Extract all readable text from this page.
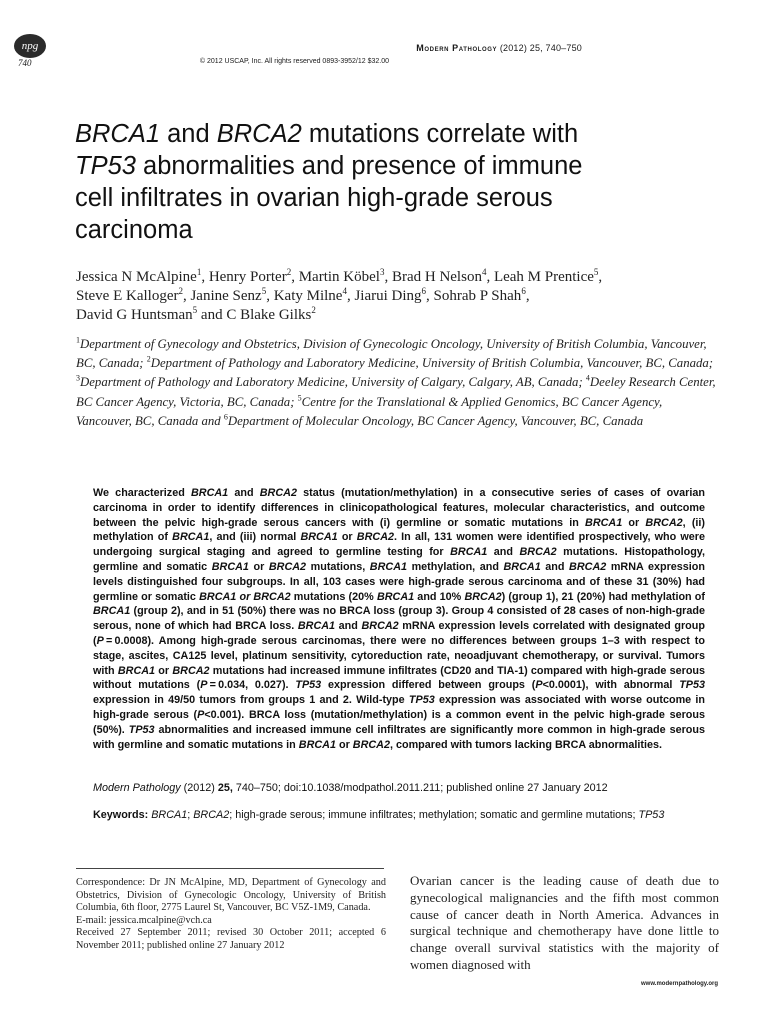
npg
740
Modern Pathology (2012) 25, 740–750
© 2012 USCAP, Inc. All rights reserved 0893-3952/12 $32.00
BRCA1 and BRCA2 mutations correlate with
TP53 abnormalities and presence of immune
cell infiltrates in ovarian high-grade serous
carcinoma
Jessica N McAlpine$^1$, Henry Porter$^2$, Martin Köbel$^3$, Brad H Nelson$^4$, Leah M Prentice$^5$,
Steve E Kalloger$^2$, Janine Senz$^5$, Katy Milne$^4$, Jiarui Ding$^6$, Sohrab P Shah$^6$,
David G Huntsman$^5$ and C Blake Gilks$^2$
$^1$Department of Gynecology and Obstetrics, Division of Gynecologic Oncology, University of British Columbia, Vancouver, BC, Canada; $^2$Department of Pathology and Laboratory Medicine, University of British Columbia, Vancouver, BC, Canada; $^3$Department of Pathology and Laboratory Medicine, University of Calgary, Calgary, AB, Canada; $^4$Deeley Research Center, BC Cancer Agency, Victoria, BC, Canada; $^5$Centre for the Translational & Applied Genomics, BC Cancer Agency, Vancouver, BC, Canada and $^6$Department of Molecular Oncology, BC Cancer Agency, Vancouver, BC, Canada
We characterized BRCA1 and BRCA2 status (mutation/methylation) in a consecutive series of cases of ovarian carcinoma in order to identify differences in clinicopathological features, molecular characteristics, and outcome between the pelvic high-grade serous cancers with (i) germline or somatic mutations in BRCA1 or BRCA2, (ii) methylation of BRCA1, and (iii) normal BRCA1 or BRCA2. In all, 131 women were identified prospectively, who were undergoing surgical staging and agreed to germline testing for BRCA1 and BRCA2 mutations. Histopathology, germline and somatic BRCA1 or BRCA2 mutations, BRCA1 methylation, and BRCA1 and BRCA2 mRNA expression levels distinguished four subgroups. In all, 103 cases were high-grade serous carcinoma and of these 31 (30%) had germline or somatic BRCA1 or BRCA2 mutations (20% BRCA1 and 10% BRCA2) (group 1), 21 (20%) had methylation of BRCA1 (group 2), and in 51 (50%) there was no BRCA loss (group 3). Group 4 consisted of 28 cases of non-high-grade serous, none of which had BRCA loss. BRCA1 and BRCA2 mRNA expression levels correlated with designated group (P = 0.0008). Among high-grade serous carcinomas, there were no differences between groups 1–3 with respect to stage, ascites, CA125 level, platinum sensitivity, cytoreduction rate, neoadjuvant chemotherapy, or survival. Tumors with BRCA1 or BRCA2 mutations had increased immune infiltrates (CD20 and TIA-1) compared with high-grade serous without mutations (P = 0.034, 0.027). TP53 expression differed between groups (P<0.0001), with abnormal TP53 expression in 49/50 tumors from groups 1 and 2. Wild-type TP53 expression was associated with worse outcome in high-grade serous (P<0.001). BRCA loss (mutation/methylation) is a common event in the pelvic high-grade serous (50%). TP53 abnormalities and increased immune cell infiltrates are significantly more common in high-grade serous with germline and somatic mutations in BRCA1 or BRCA2, compared with tumors lacking BRCA abnormalities.
Modern Pathology (2012) 25, 740–750; doi:10.1038/modpathol.2011.211; published online 27 January 2012
Keywords: BRCA1; BRCA2; high-grade serous; immune infiltrates; methylation; somatic and germline mutations; TP53
Correspondence: Dr JN McAlpine, MD, Department of Gynecology and Obstetrics, Division of Gynecologic Oncology, University of British Columbia, 6th floor, 2775 Laurel St, Vancouver, BC V5Z-1M9, Canada.
E-mail: jessica.mcalpine@vch.ca
Received 27 September 2011; revised 30 October 2011; accepted 6 November 2011; published online 27 January 2012
Ovarian cancer is the leading cause of death due to gynecological malignancies and the fifth most common cause of cancer death in North America. Advances in surgical technique and chemotherapy have done little to change overall survival statistics with the majority of women diagnosed with
www.modernpathology.org
